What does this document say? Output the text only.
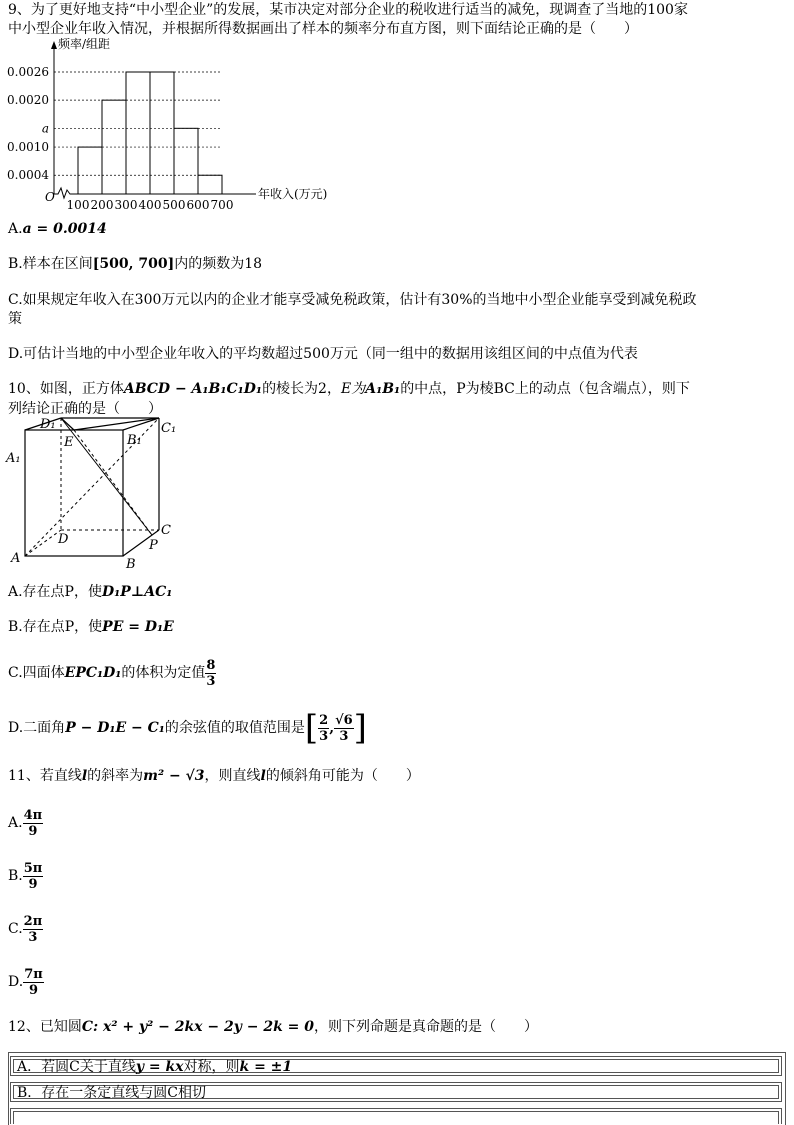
9、为了更好地支持“中小型企业”的发展，某市决定对部分企业的税收进行适当的减免，现调查了当地的100家
中小型企业年收入情况，并根据所得数据画出了样本的频率分布直方图，则下面结论正确的是（　　）
频率/组距
O	年收入(万元)
0.0026
0.0020
a
0.0010
0.0004
100 200 300 400 500 600 700
A.a = 0.0014
B.样本在区间[500, 700]内的频数为18
C.如果规定年收入在300万元以内的企业才能享受减免税政策，估计有30%的当地中小型企业能享受到减免税政
策
D.可估计当地的中小型企业年收入的平均数超过500万元（同一组中的数据用该组区间的中点值为代表
10、如图，正方体ABCD − A₁B₁C₁D₁的棱长为2，E为A₁B₁的中点，P为棱BC上的动点（包含端点），则下
列结论正确的是（　　）
D₁	C₁
A₁
E	B₁
D
C
P
A	B
A.存在点P，使D₁P⊥AC₁
B.存在点P，使PE = D₁E
C.四面体EPC₁D₁的体积为定值 $\frac{8}{3}$
D.二面角P − D₁E − C₁的余弦值的取值范围是[ $\frac{2}{3}$ , $\frac{√6}{3}$ ]
11、若直线l的斜率为m² − √3，则直线l的倾斜角可能为（　　）
A. $\frac{4\pi}{9}$
B. $\frac{5\pi}{9}$
C. $\frac{2\pi}{3}$
D. $\frac{7\pi}{9}$
12、已知圆C: x² + y² − 2kx − 2y − 2k = 0，则下列命题是真命题的是（　　）
A．若圆C关于直线y = kx对称，则k = ±1
B．存在一条定直线与圆C相切
